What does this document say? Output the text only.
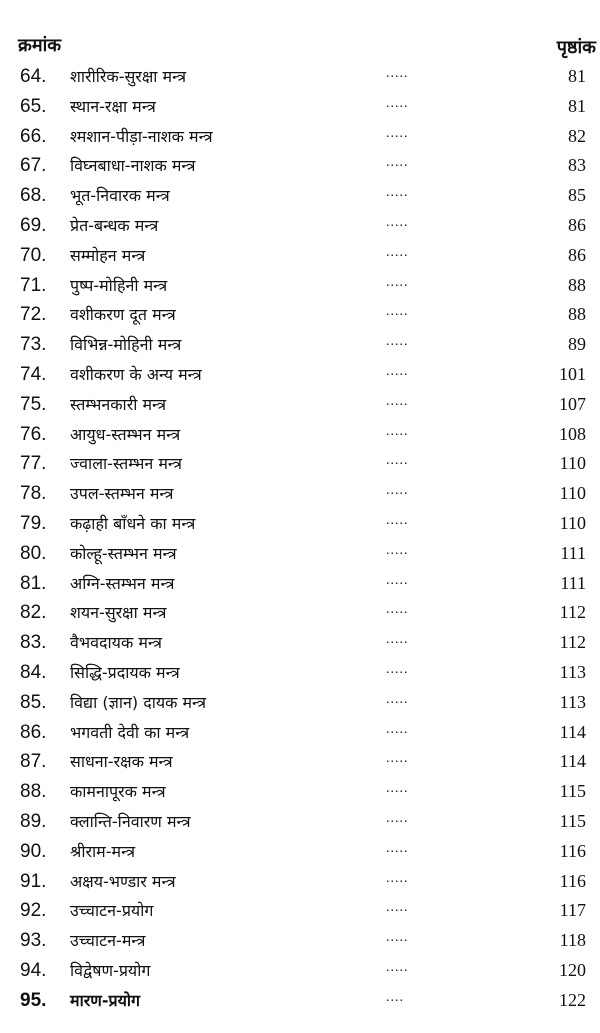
क्रमांक	पृष्ठांक
64. शारीरिक-सुरक्षा मन्त्र	.....	81
65. स्थान-रक्षा मन्त्र	.....	81
66. श्मशान-पीड़ा-नाशक मन्त्र	.....	82
67. विघ्नबाधा-नाशक मन्त्र	.....	83
68. भूत-निवारक मन्त्र	.....	85
69. प्रेत-बन्धक मन्त्र	.....	86
70. सम्मोहन मन्त्र	.....	86
71. पुष्प-मोहिनी मन्त्र	.....	88
72. वशीकरण दूत मन्त्र	.....	88
73. विभिन्न-मोहिनी मन्त्र	.....	89
74. वशीकरण के अन्य मन्त्र	.....	101
75. स्तम्भनकारी मन्त्र	.....	107
76. आयुध-स्तम्भन मन्त्र	.....	108
77. ज्वाला-स्तम्भन मन्त्र	.....	110
78. उपल-स्तम्भन मन्त्र	.....	110
79. कढ़ाही बाँधने का मन्त्र	.....	110
80. कोल्हू-स्तम्भन मन्त्र	.....	111
81. अग्नि-स्तम्भन मन्त्र	.....	111
82. शयन-सुरक्षा मन्त्र	.....	112
83. वैभवदायक मन्त्र	.....	112
84. सिद्धि-प्रदायक मन्त्र	.....	113
85. विद्या (ज्ञान) दायक मन्त्र	.....	113
86. भगवती देवी का मन्त्र	.....	114
87. साधना-रक्षक मन्त्र	.....	114
88. कामनापूरक मन्त्र	.....	115
89. क्लान्ति-निवारण मन्त्र	.....	115
90. श्रीराम-मन्त्र	.....	116
91. अक्षय-भण्डार मन्त्र	.....	116
92. उच्चाटन-प्रयोग	.....	117
93. उच्चाटन-मन्त्र	.....	118
94. विद्वेषण-प्रयोग	.....	120
95. मारण-प्रयोग	....	122
